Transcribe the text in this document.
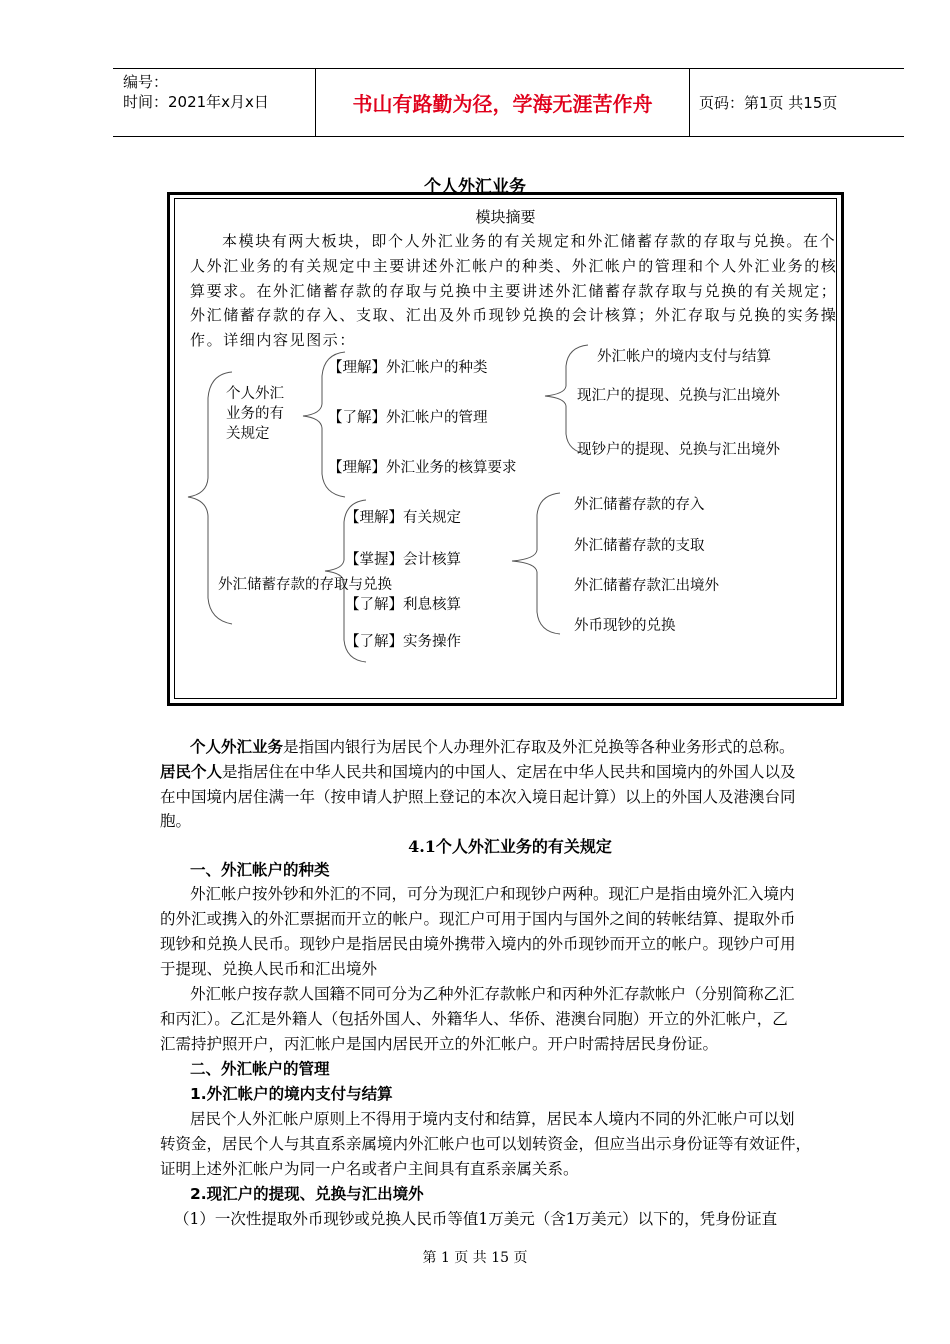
编号：
时间：2021年x月x日	书山有路勤为径，学海无涯苦作舟	页码：第1页 共15页
个人外汇业务
模块摘要
本模块有两大板块，即个人外汇业务的有关规定和外汇储蓄存款的存取与兑换。在个
人外汇业务的有关规定中主要讲述外汇帐户的种类、外汇帐户的管理和个人外汇业务的核
算要求。在外汇储蓄存款的存取与兑换中主要讲述外汇储蓄存款存取与兑换的有关规定；
外汇储蓄存款的存入、支取、汇出及外币现钞兑换的会计核算；外汇存取与兑换的实务操
作。详细内容见图示：
个人外汇
业务的有
关规定
【理解】外汇帐户的种类
【了解】外汇帐户的管理
【理解】外汇业务的核算要求
外汇帐户的境内支付与结算
现汇户的提现、兑换与汇出境外
现钞户的提现、兑换与汇出境外
外汇储蓄存款的存取与兑换
【理解】有关规定
【掌握】会计核算
【了解】利息核算
【了解】实务操作
外汇储蓄存款的存入
外汇储蓄存款的支取
外汇储蓄存款汇出境外
外币现钞的兑换
个人外汇业务是指国内银行为居民个人办理外汇存取及外汇兑换等各种业务形式的总称。
居民个人是指居住在中华人民共和国境内的中国人、定居在中华人民共和国境内的外国人以及
在中国境内居住满一年（按申请人护照上登记的本次入境日起计算）以上的外国人及港澳台同
胞。
4.1个人外汇业务的有关规定
一、外汇帐户的种类
外汇帐户按外钞和外汇的不同，可分为现汇户和现钞户两种。现汇户是指由境外汇入境内
的外汇或携入的外汇票据而开立的帐户。现汇户可用于国内与国外之间的转帐结算、提取外币
现钞和兑换人民币。现钞户是指居民由境外携带入境内的外币现钞而开立的帐户。现钞户可用
于提现、兑换人民币和汇出境外
外汇帐户按存款人国籍不同可分为乙种外汇存款帐户和丙种外汇存款帐户（分别简称乙汇
和丙汇）。乙汇是外籍人（包括外国人、外籍华人、华侨、港澳台同胞）开立的外汇帐户，乙
汇需持护照开户，丙汇帐户是国内居民开立的外汇帐户。开户时需持居民身份证。
二、外汇帐户的管理
1.外汇帐户的境内支付与结算
居民个人外汇帐户原则上不得用于境内支付和结算，居民本人境内不同的外汇帐户可以划
转资金，居民个人与其直系亲属境内外汇帐户也可以划转资金，但应当出示身份证等有效证件，
证明上述外汇帐户为同一户名或者户主间具有直系亲属关系。
2.现汇户的提现、兑换与汇出境外
（1）一次性提取外币现钞或兑换人民币等值1万美元（含1万美元）以下的，凭身份证直
第 1 页 共 15 页
